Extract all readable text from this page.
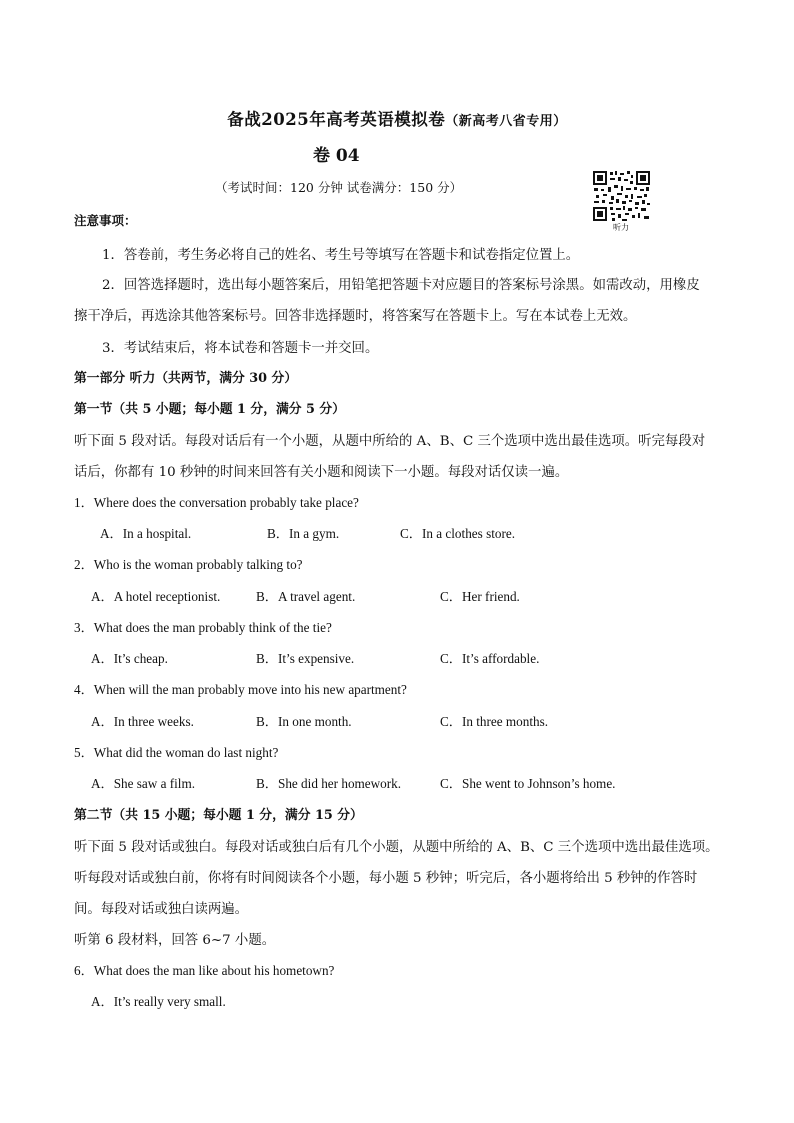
备战2025年高考英语模拟卷（新高考八省专用）
卷 04
（考试时间：120 分钟 试卷满分：150 分）
听力
注意事项：
1．答卷前，考生务必将自己的姓名、考生号等填写在答题卡和试卷指定位置上。
2．回答选择题时，选出每小题答案后，用铅笔把答题卡对应题目的答案标号涂黑。如需改动，用橡皮
擦干净后，再选涂其他答案标号。回答非选择题时，将答案写在答题卡上。写在本试卷上无效。
3．考试结束后，将本试卷和答题卡一并交回。
第一部分 听力（共两节，满分 30 分）
第一节（共 5 小题；每小题 1 分，满分 5 分）
听下面 5 段对话。每段对话后有一个小题，从题中所给的 A、B、C 三个选项中选出最佳选项。听完每段对
话后，你都有 10 秒钟的时间来回答有关小题和阅读下一小题。每段对话仅读一遍。
1．Where does the conversation probably take place?
A．In a hospital.	B．In a gym.	C．In a clothes store.
2．Who is the woman probably talking to?
A．A hotel receptionist.	B．A travel agent.	C．Her friend.
3．What does the man probably think of the tie?
A．It’s cheap.	B．It’s expensive.	C．It’s affordable.
4．When will the man probably move into his new apartment?
A．In three weeks.	B．In one month.	C．In three months.
5．What did the woman do last night?
A．She saw a film.	B．She did her homework.	C．She went to Johnson’s home.
第二节（共 15 小题；每小题 1 分，满分 15 分）
听下面 5 段对话或独白。每段对话或独白后有几个小题，从题中所给的 A、B、C 三个选项中选出最佳选项。
听每段对话或独白前，你将有时间阅读各个小题，每小题 5 秒钟；听完后，各小题将给出 5 秒钟的作答时
间。每段对话或独白读两遍。
听第 6 段材料，回答 6~7 小题。
6．What does the man like about his hometown?
A．It’s really very small.
